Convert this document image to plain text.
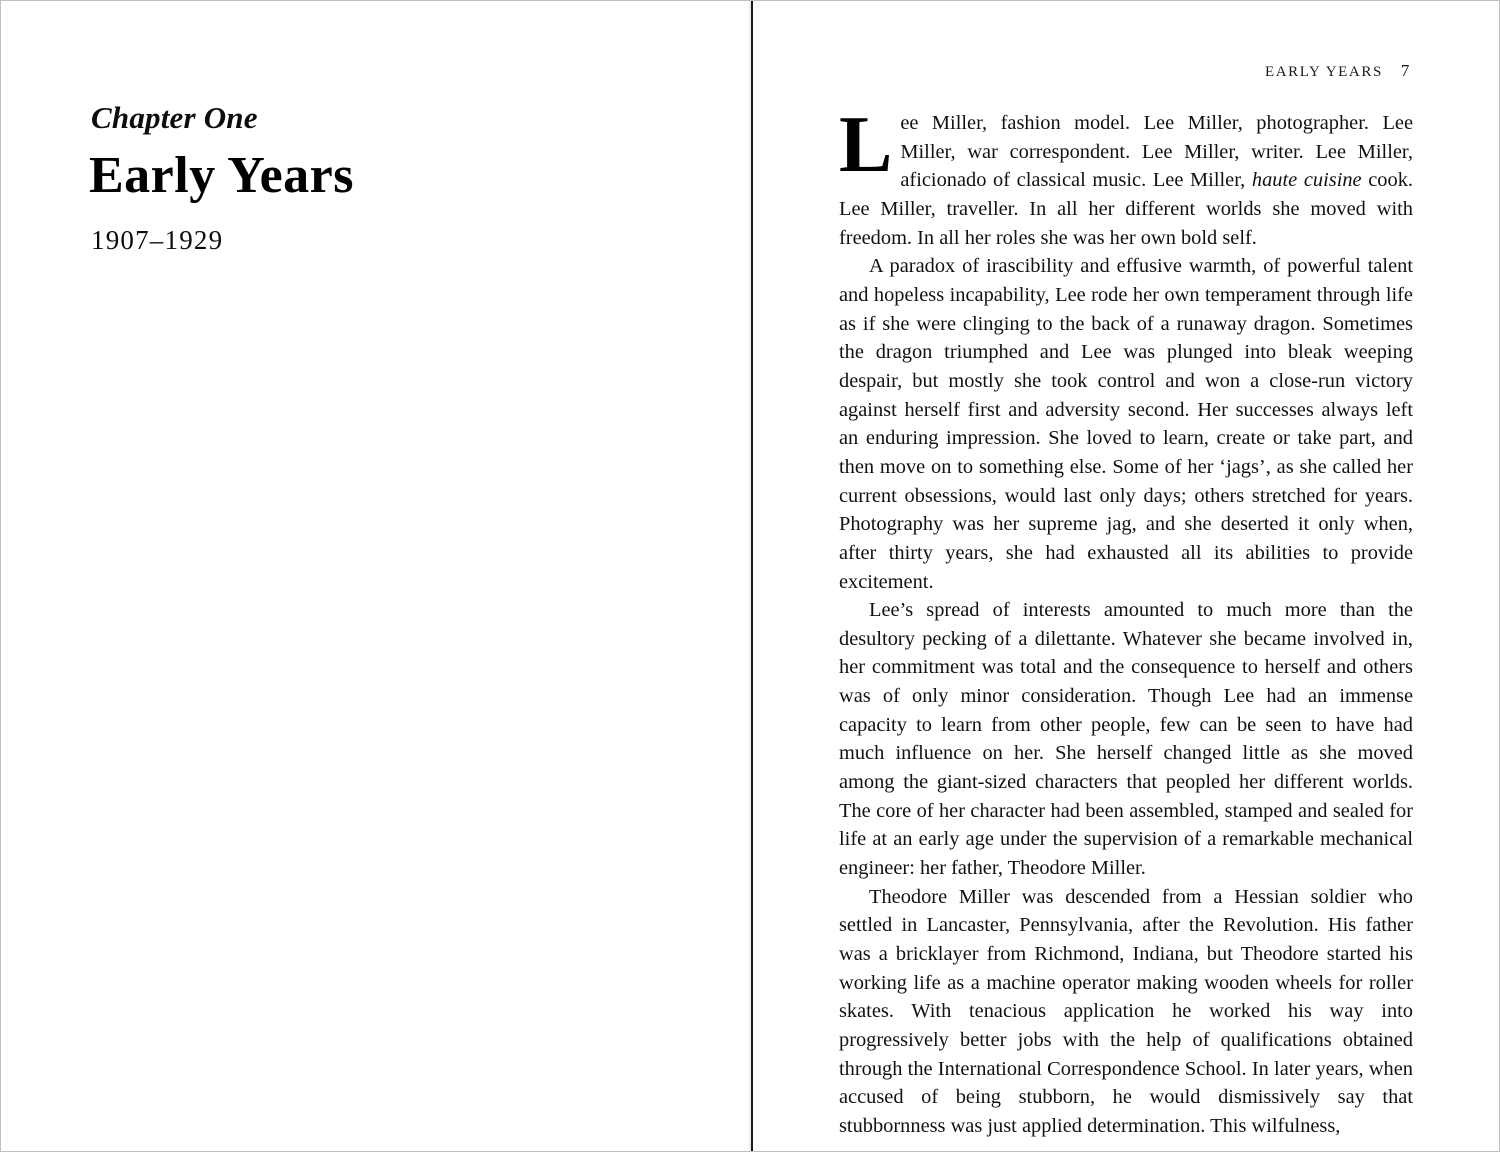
Chapter One
Early Years
1907–1929
EARLY YEARS 7

Lee Miller, fashion model. Lee Miller, photographer. Lee Miller, war correspondent. Lee Miller, writer. Lee Miller, aficionado of classical music. Lee Miller, haute cuisine cook. Lee Miller, traveller. In all her different worlds she moved with freedom. In all her roles she was her own bold self.

A paradox of irascibility and effusive warmth, of powerful talent and hopeless incapability, Lee rode her own temperament through life as if she were clinging to the back of a runaway dragon. Sometimes the dragon triumphed and Lee was plunged into bleak weeping despair, but mostly she took control and won a close-run victory against herself first and adversity second. Her successes always left an enduring impression. She loved to learn, create or take part, and then move on to something else. Some of her ‘jags’, as she called her current obsessions, would last only days; others stretched for years. Photography was her supreme jag, and she deserted it only when, after thirty years, she had exhausted all its abilities to provide excitement.

Lee’s spread of interests amounted to much more than the desultory pecking of a dilettante. Whatever she became involved in, her commitment was total and the consequence to herself and others was of only minor consideration. Though Lee had an immense capacity to learn from other people, few can be seen to have had much influence on her. She herself changed little as she moved among the giant-sized characters that peopled her different worlds. The core of her character had been assembled, stamped and sealed for life at an early age under the supervision of a remarkable mechanical engineer: her father, Theodore Miller.

Theodore Miller was descended from a Hessian soldier who settled in Lancaster, Pennsylvania, after the Revolution. His father was a bricklayer from Richmond, Indiana, but Theodore started his working life as a machine operator making wooden wheels for roller skates. With tenacious application he worked his way into progressively better jobs with the help of qualifications obtained through the International Correspondence School. In later years, when accused of being stubborn, he would dismissively say that stubbornness was just applied determination. This wilfulness,
